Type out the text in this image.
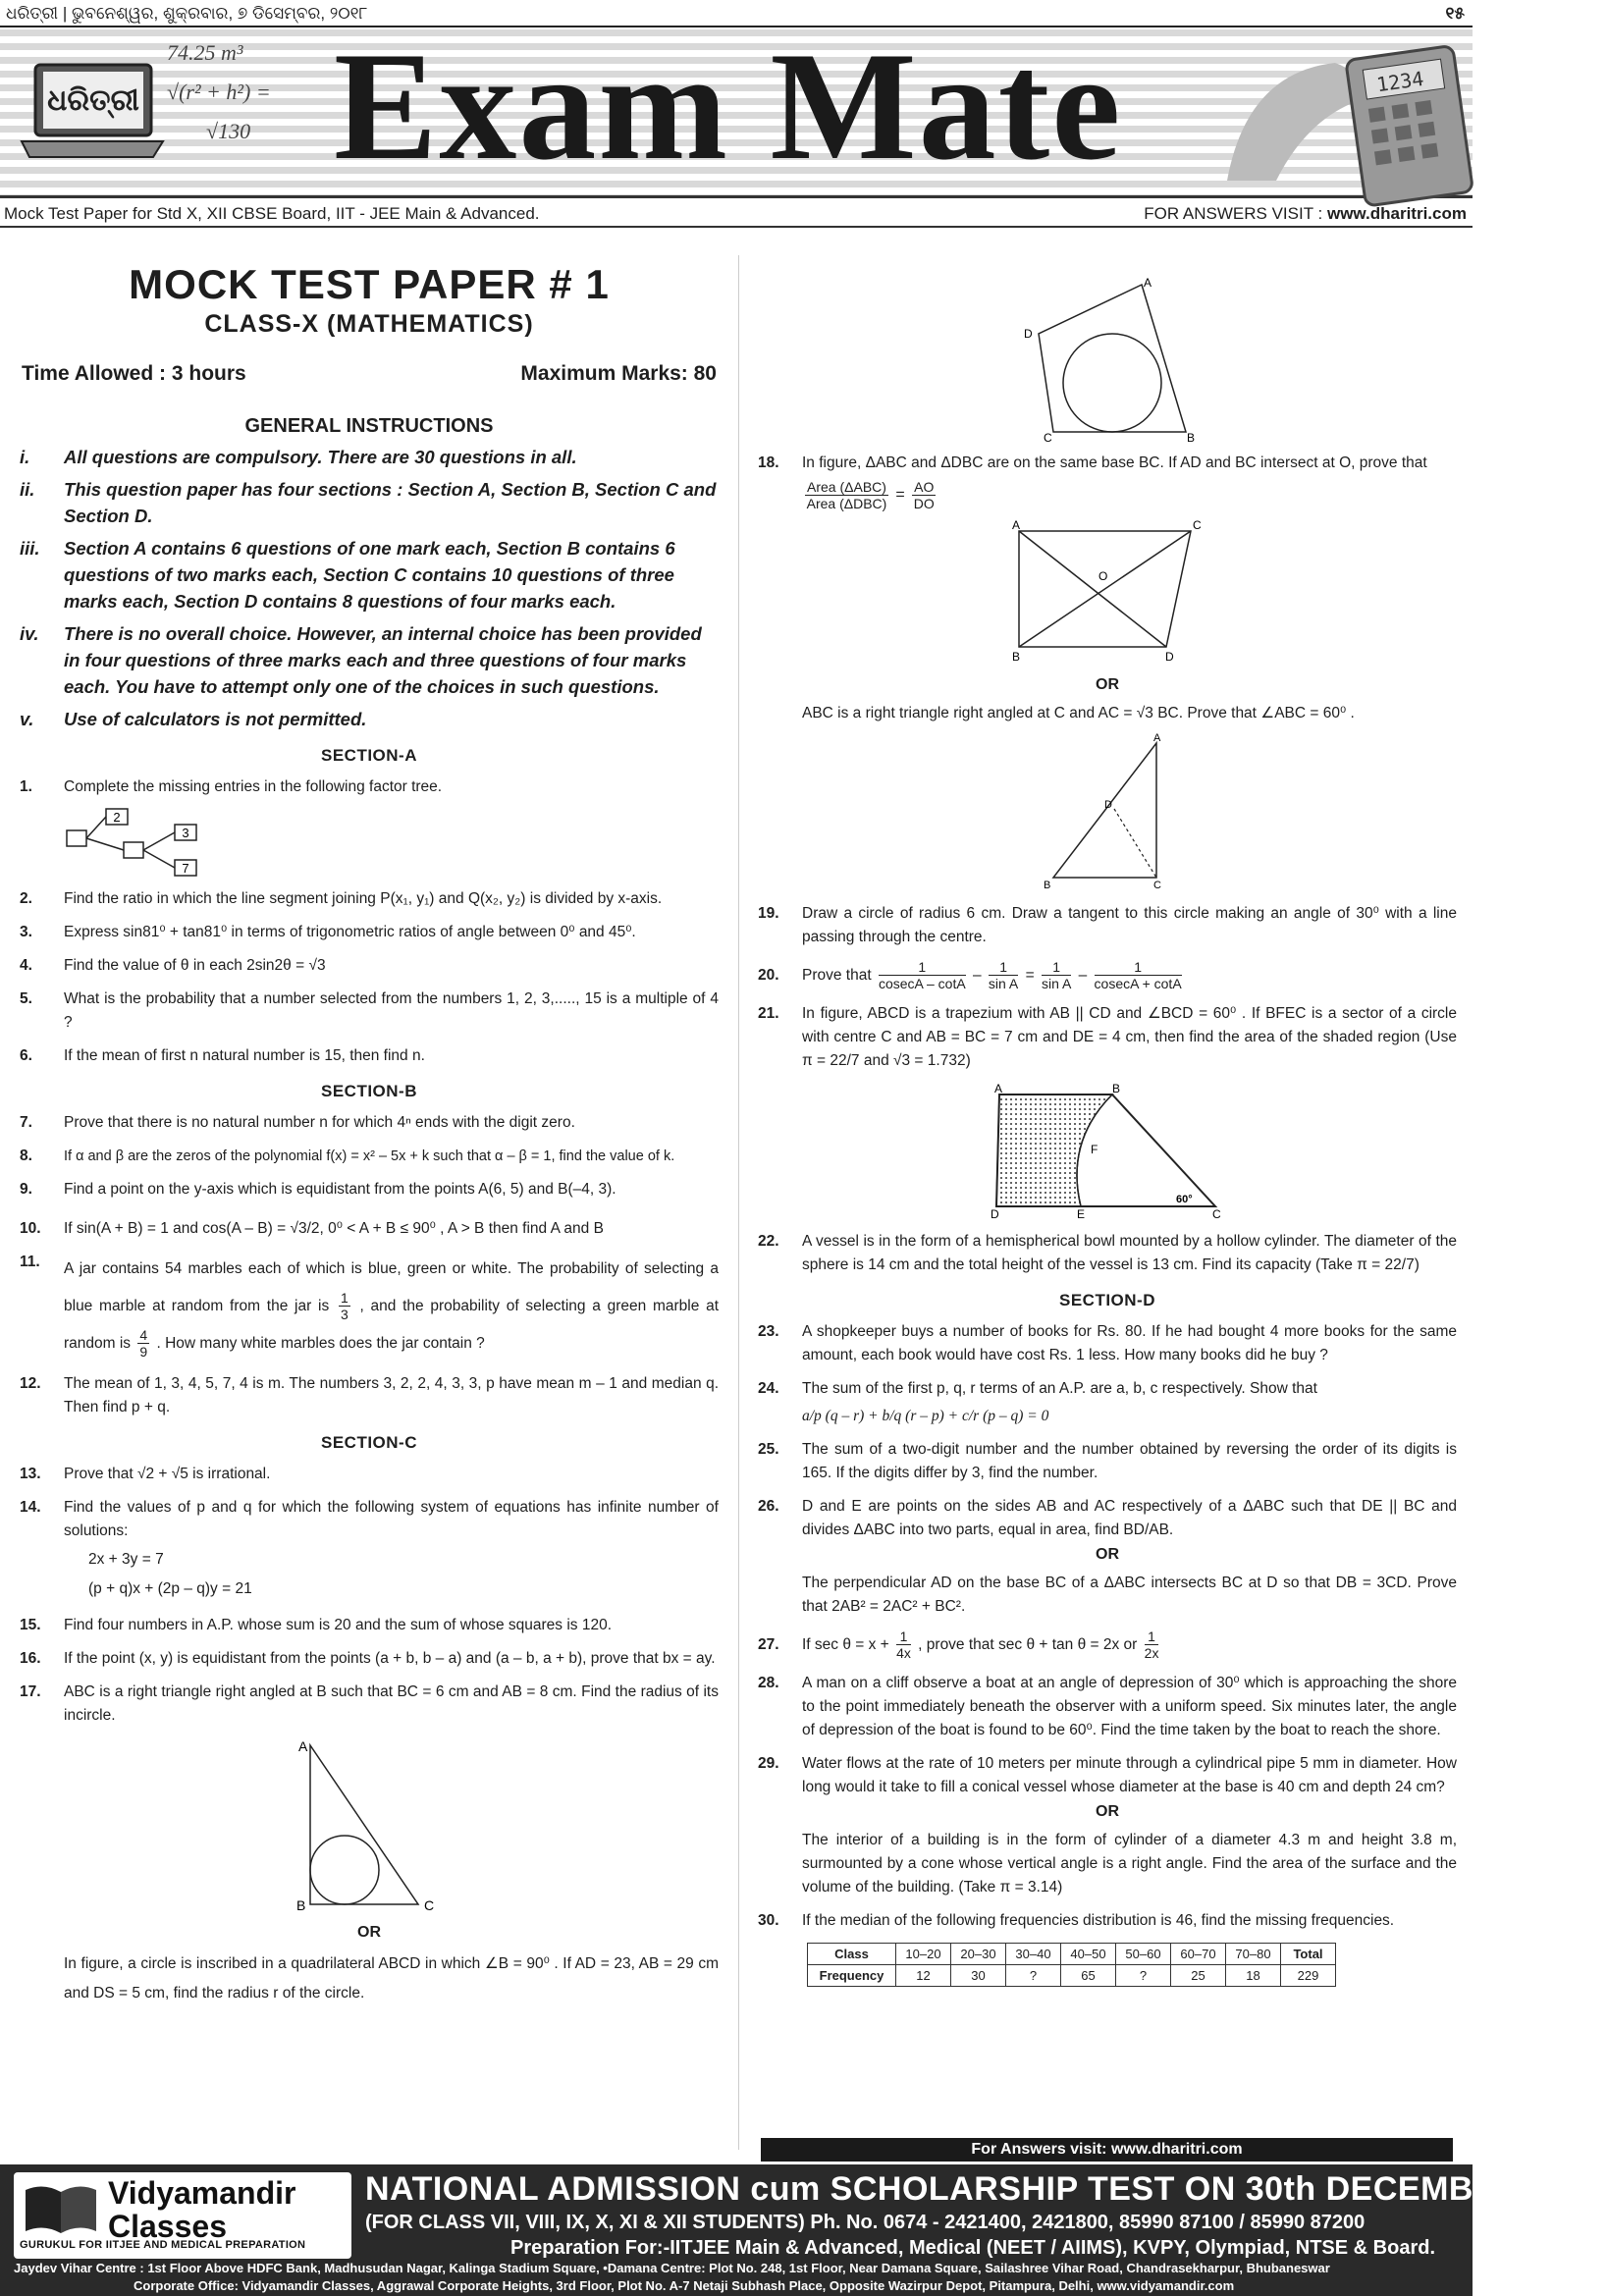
ଧରିତ୍ରୀ | ଭୁବନେଶ୍ୱର, ଶୁକ୍ରବାର, ୭ ଡିସେମ୍ବର, ୨୦୧୮	୧୫
ଧରିତ୍ରୀ
74.25 m³
√(r² + h²) =
√130 Exam Mate	1234
Mock Test Paper for Std X, XII CBSE Board, IIT - JEE Main & Advanced.	FOR ANSWERS VISIT : www.dharitri.com
MOCK TEST PAPER # 1
CLASS-X (MATHEMATICS)
Time Allowed : 3 hours	Maximum Marks: 80
GENERAL INSTRUCTIONS
i.	All questions are compulsory. There are 30 questions in all.
ii.	This question paper has four sections : Section A, Section B, Section C and Section D.
iii.	Section A contains 6 questions of one mark each, Section B contains 6 questions of two marks each, Section C contains 10 questions of three marks each, Section D contains 8 questions of four marks each.
iv.	There is no overall choice. However, an internal choice has been provided in four questions of three marks each and three questions of four marks each. You have to attempt only one of the choices in such questions.
v.	Use of calculators is not permitted.
SECTION-A
1.	Complete the missing entries in the following factor tree.
2
3
7
2.	Find the ratio in which the line segment joining P(x₁, y₁) and Q(x₂, y₂) is divided by x-axis.
3.	Express sin81⁰ + tan81⁰ in terms of trigonometric ratios of angle between 0⁰ and 45⁰.
4.	Find the value of θ in each 2sin2θ = √3
5.	What is the probability that a number selected from the numbers 1, 2, 3,....., 15 is a multiple of 4 ?
6.	If the mean of first n natural number is 15, then find n.
SECTION-B
7.	Prove that there is no natural number n for which 4ⁿ ends with the digit zero.
8.	If α and β are the zeros of the polynomial f(x) = x² – 5x + k such that α – β = 1, find the value of k.
9.	Find a point on the y-axis which is equidistant from the points A(6, 5) and B(–4, 3).
10.	If sin(A + B) = 1 and cos(A – B) = √3/2, 0⁰ < A + B ≤ 90⁰ , A > B then find A and B
11.	A jar contains 54 marbles each of which is blue, green or white. The probability of selecting a blue marble at random from the jar is $\frac{1}{3}$ , and the probability of selecting a green marble at random is $\frac{4}{9}$ . How many white marbles does the jar contain ?
12.	The mean of 1, 3, 4, 5, 7, 4 is m. The numbers 3, 2, 2, 4, 3, 3, p have mean m – 1 and median q. Then find p + q.
SECTION-C
13.	Prove that √2 + √5 is irrational.
14.	Find the values of p and q for which the following system of equations has infinite number of solutions:
2x + 3y = 7
(p + q)x + (2p – q)y = 21
15.	Find four numbers in A.P. whose sum is 20 and the sum of whose squares is 120.
16.	If the point (x, y) is equidistant from the points (a + b, b – a) and (a – b, a + b), prove that bx = ay.
17.	ABC is a right triangle right angled at B such that BC = 6 cm and AB = 8 cm. Find the radius of its incircle.
A
B	C
OR
In figure, a circle is inscribed in a quadrilateral ABCD in which ∠B = 90⁰ . If AD = 23, AB = 29 cm and DS = 5 cm, find the radius r of the circle.
A
D
C	B
18.	In figure, ΔABC and ΔDBC are on the same base BC. If AD and BC intersect at O, prove that
$\frac{\text{Area (ΔABC)}}{\text{Area (ΔDBC)}} = \frac{AO}{DO}$
A	C
O
B	D
OR
ABC is a right triangle right angled at C and AC = √3 BC. Prove that ∠ABC = 60⁰ .
A
D
B	C
19.	Draw a circle of radius 6 cm. Draw a tangent to this circle making an angle of 30⁰ with a line passing through the centre.
20.	Prove that $\frac{1}{cosecA - \cot A} - \frac{1}{\text{sin A}} = \frac{1}{\text{sin A}} - \frac{1}{cosecA + \cot A}$
21.	In figure, ABCD is a trapezium with AB || CD and ∠BCD = 60⁰ . If BFEC is a sector of a circle with centre C and AB = BC = 7 cm and DE = 4 cm, then find the area of the shaded region (Use π = 22/7 and √3 = 1.732)
A	B
F
D	E	C
60°
22.	A vessel is in the form of a hemispherical bowl mounted by a hollow cylinder. The diameter of the sphere is 14 cm and the total height of the vessel is 13 cm. Find its capacity (Take π = 22/7)
SECTION-D
23.	A shopkeeper buys a number of books for Rs. 80. If he had bought 4 more books for the same amount, each book would have cost Rs. 1 less. How many books did he buy ?
24.	The sum of the first p, q, r terms of an A.P. are a, b, c respectively. Show that
a/p (q – r) + b/q (r – p) + c/r (p – q) = 0
25.	The sum of a two-digit number and the number obtained by reversing the order of its digits is 165. If the digits differ by 3, find the number.
26.	D and E are points on the sides AB and AC respectively of a ΔABC such that DE || BC and divides ΔABC into two parts, equal in area, find BD/AB.
OR
The perpendicular AD on the base BC of a ΔABC intersects BC at D so that DB = 3CD. Prove that 2AB² = 2AC² + BC².
27.	If $\sec \theta = x + \frac{1}{4x}$ , prove that sec θ + tan θ = 2x or $\frac{1}{2x}$
28.	A man on a cliff observe a boat at an angle of depression of 30⁰ which is approaching the shore to the point immediately beneath the observer with a uniform speed. Six minutes later, the angle of depression of the boat is found to be 60⁰. Find the time taken by the boat to reach the shore.
29.	Water flows at the rate of 10 meters per minute through a cylindrical pipe 5 mm in diameter. How long would it take to fill a conical vessel whose diameter at the base is 40 cm and depth 24 cm?
OR
The interior of a building is in the form of cylinder of a diameter 4.3 m and height 3.8 m, surmounted by a cone whose vertical angle is a right angle. Find the area of the surface and the volume of the building. (Take π = 3.14)
30.	If the median of the following frequencies distribution is 46, find the missing frequencies.
Class	10–20	20–30	30–40	40–50	50–60	60–70	70–80	Total
Frequency	12	30	?	65	?	25	18	229
For Answers visit: www.dharitri.com
Vidyamandir Classes
GURUKUL FOR IITJEE AND MEDICAL PREPARATION
NATIONAL ADMISSION cum SCHOLARSHIP TEST ON 30th DECEMBER 2018
(FOR CLASS VII, VIII, IX, X, XI & XII STUDENTS) Ph. No. 0674 - 2421400, 2421800, 85990 87100 / 85990 87200
Preparation For:-IITJEE Main & Advanced, Medical (NEET / AIIMS), KVPY, Olympiad, NTSE & Board.
Jaydev Vihar Centre : 1st Floor Above HDFC Bank, Madhusudan Nagar, Kalinga Stadium Square, •Damana Centre: Plot No. 248, 1st Floor, Near Damana Square, Sailashree Vihar Road, Chandrasekharpur, Bhubaneswar
Corporate Office: Vidyamandir Classes, Aggrawal Corporate Heights, 3rd Floor, Plot No. A-7 Netaji Subhash Place, Opposite Wazirpur Depot, Pitampura, Delhi, www.vidyamandir.com
